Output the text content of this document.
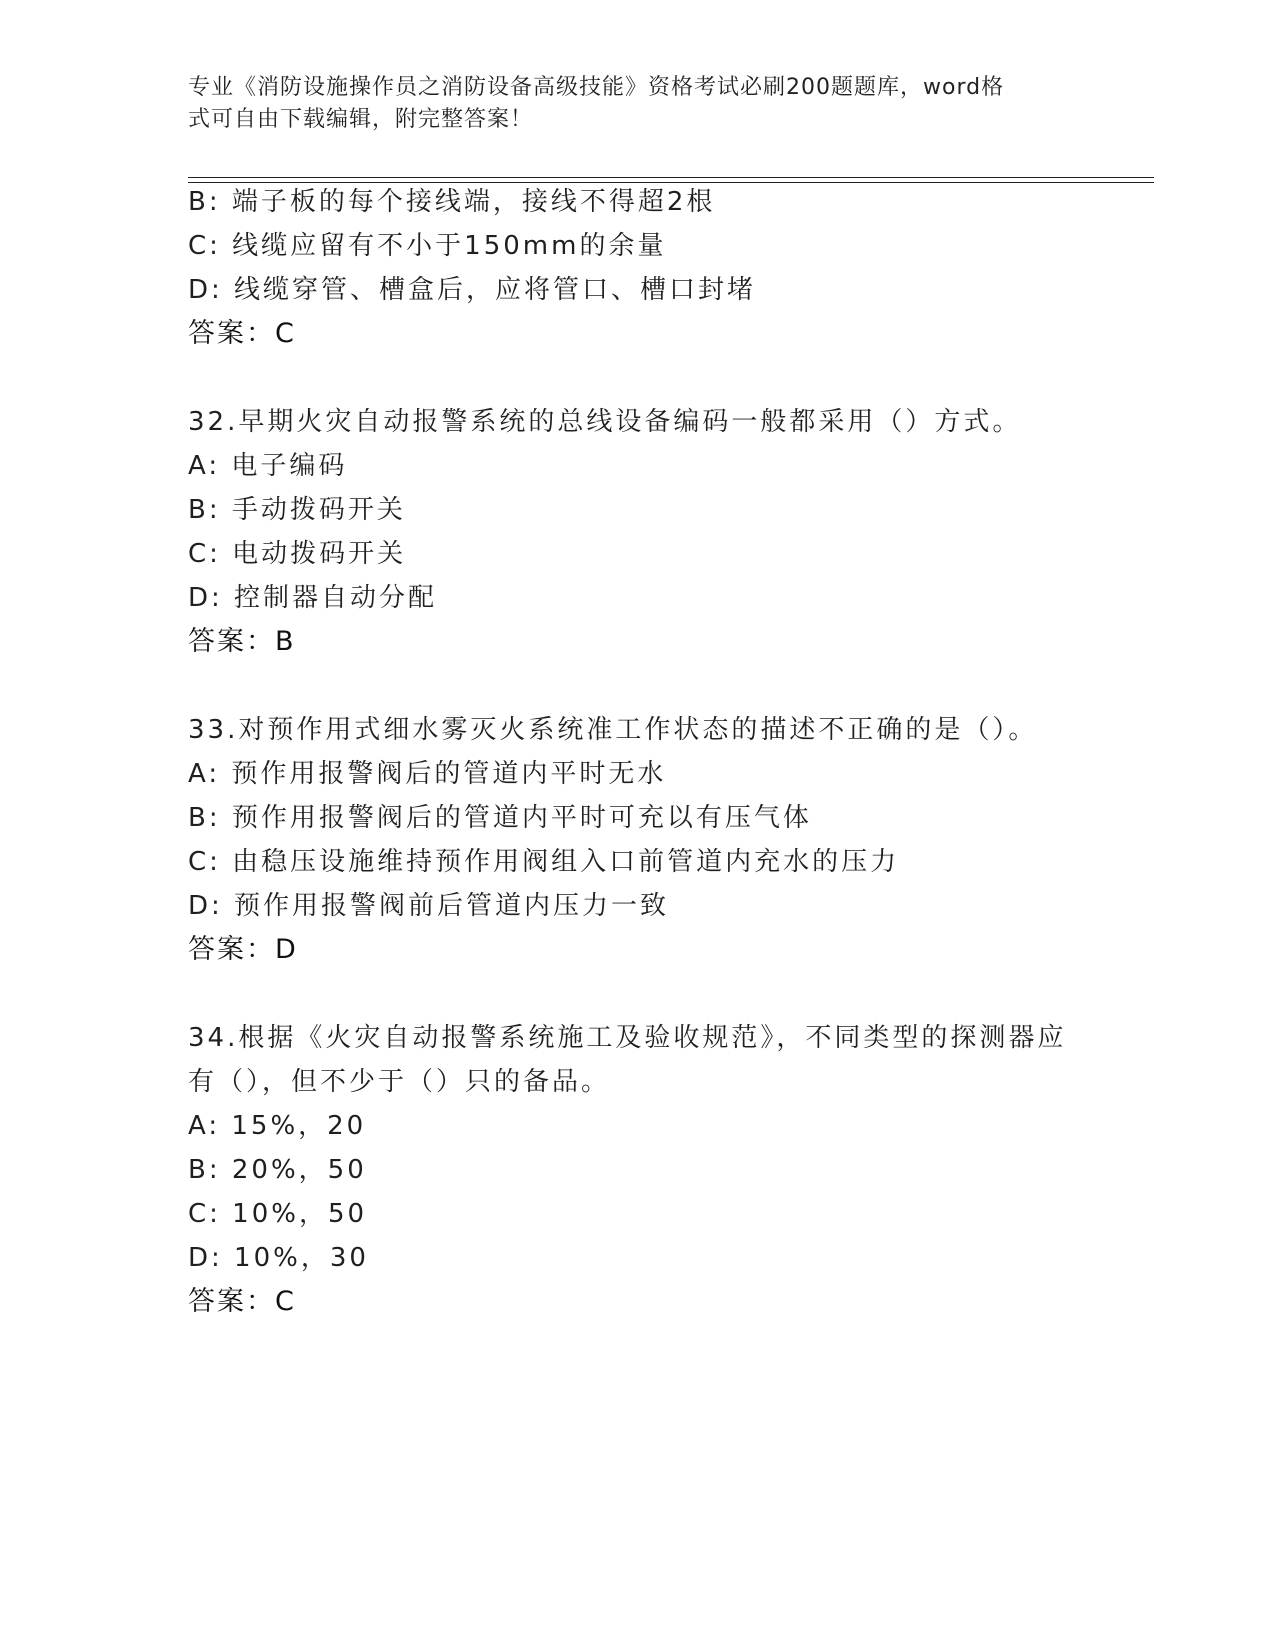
专业《消防设施操作员之消防设备高级技能》资格考试必刷200题题库，word格
式可自由下载编辑，附完整答案！
B: 端子板的每个接线端，接线不得超2根
C: 线缆应留有不小于150mm的余量
D: 线缆穿管、槽盒后，应将管口、槽口封堵
答案：C
32.早期火灾自动报警系统的总线设备编码一般都采用（）方式。
A: 电子编码
B: 手动拨码开关
C: 电动拨码开关
D: 控制器自动分配
答案：B
33.对预作用式细水雾灭火系统准工作状态的描述不正确的是（）。
A: 预作用报警阀后的管道内平时无水
B: 预作用报警阀后的管道内平时可充以有压气体
C: 由稳压设施维持预作用阀组入口前管道内充水的压力
D: 预作用报警阀前后管道内压力一致
答案：D
34.根据《火灾自动报警系统施工及验收规范》，不同类型的探测器应
有（），但不少于（）只的备品。
A: 15%，20
B: 20%，50
C: 10%，50
D: 10%，30
答案：C
